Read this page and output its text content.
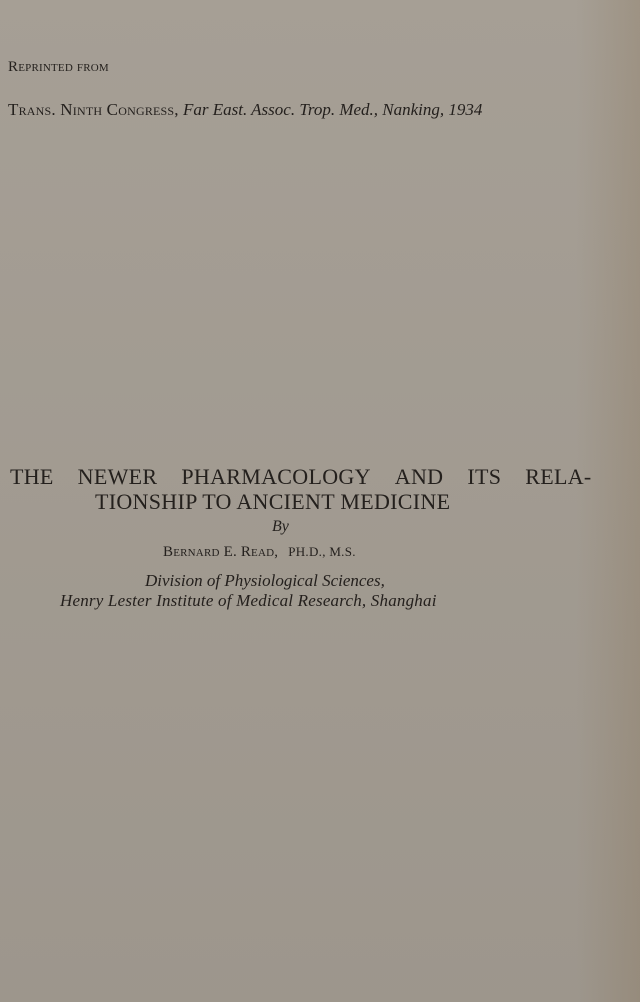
Reprinted from
Trans. Ninth Congress, Far East. Assoc. Trop. Med., Nanking, 1934
THE NEWER PHARMACOLOGY AND ITS RELA-
TIONSHIP TO ANCIENT MEDICINE
By
Bernard E. Read, PH.D., M.S.
Division of Physiological Sciences,
Henry Lester Institute of Medical Research, Shanghai
